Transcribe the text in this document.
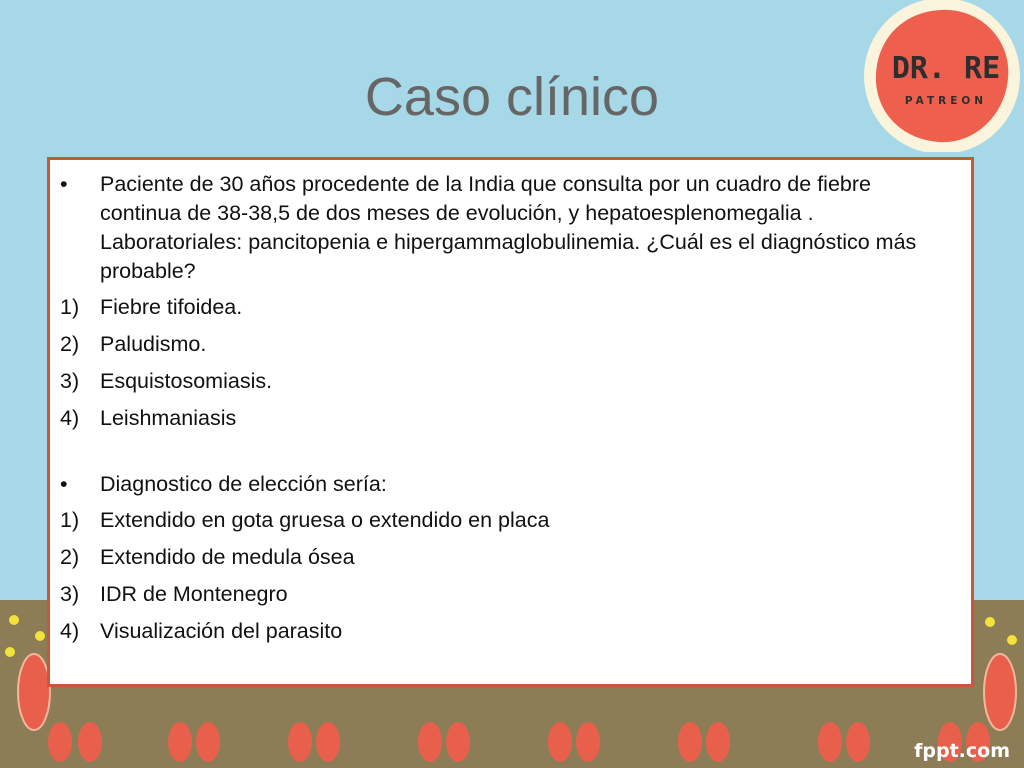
Caso clínico	DR. RE
PATREON
•	Paciente de 30 años procedente de la India que consulta por un cuadro de fiebre continua de 38-38,5 de dos meses de evolución, y hepatoesplenomegalia . Laboratoriales: pancitopenia e hipergammaglobulinemia. ¿Cuál es el diagnóstico más probable?
1) Fiebre tifoidea.
2) Paludismo.
3) Esquistosomiasis.
4) Leishmaniasis
•	Diagnostico de elección sería:
1) Extendido en gota gruesa o extendido en placa
2) Extendido de medula ósea
3) IDR de Montenegro
4) Visualización del parasito
fppt.com
